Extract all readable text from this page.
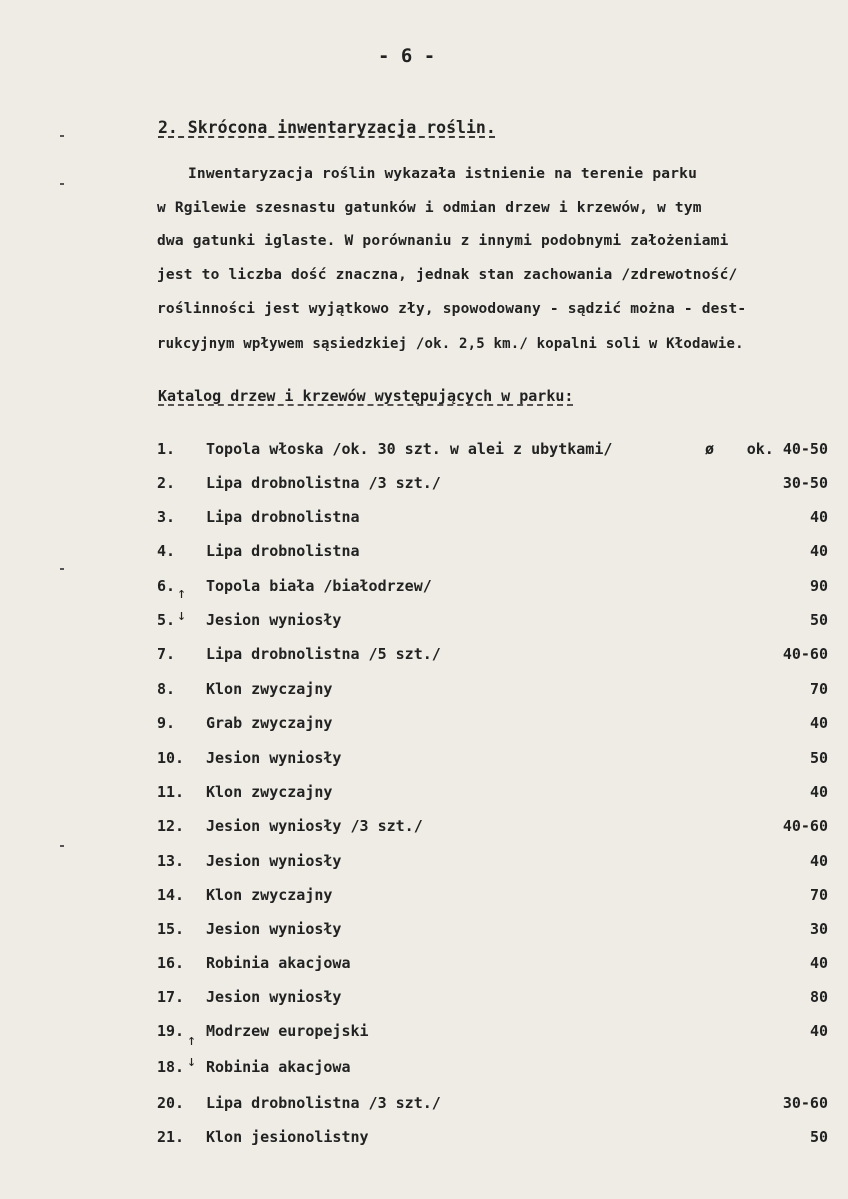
- 6 -
2. Skrócona inwentaryzacja roślin.
Inwentaryzacja roślin wykazała istnienie na terenie parku
w Rgilewie szesnastu gatunków i odmian drzew i krzewów, w tym
dwa gatunki iglaste. W porównaniu z innymi podobnymi założeniami
jest to liczba dość znaczna, jednak stan zachowania /zdrewotność/
roślinności jest wyjątkowo zły, spowodowany - sądzić można - dest-
rukcyjnym wpływem sąsiedzkiej /ok. 2,5 km./ kopalni soli w Kłodawie.
Katalog drzew i krzewów występujących w parku:
1. Topola włoska /ok. 30 szt. w alei z ubytkami/	ø ok. 40-50
2. Lipa drobnolistna /3 szt./	30-50
3. Lipa drobnolistna	40
4. Lipa drobnolistna	40
6. Topola biała /białodrzew/	90
↑
↓
5. Jesion wyniosły	50
7. Lipa drobnolistna /5 szt./	40-60
8. Klon zwyczajny	70
9. Grab zwyczajny	40
10. Jesion wyniosły	50
11. Klon zwyczajny	40
12. Jesion wyniosły /3 szt./	40-60
13. Jesion wyniosły	40
14. Klon zwyczajny	70
15. Jesion wyniosły	30
16. Robinia akacjowa	40
17. Jesion wyniosły	80
19. Modrzew europejski	40
↑
↓
18. Robinia akacjowa
20. Lipa drobnolistna /3 szt./	30-60
21. Klon jesionolistny	50
